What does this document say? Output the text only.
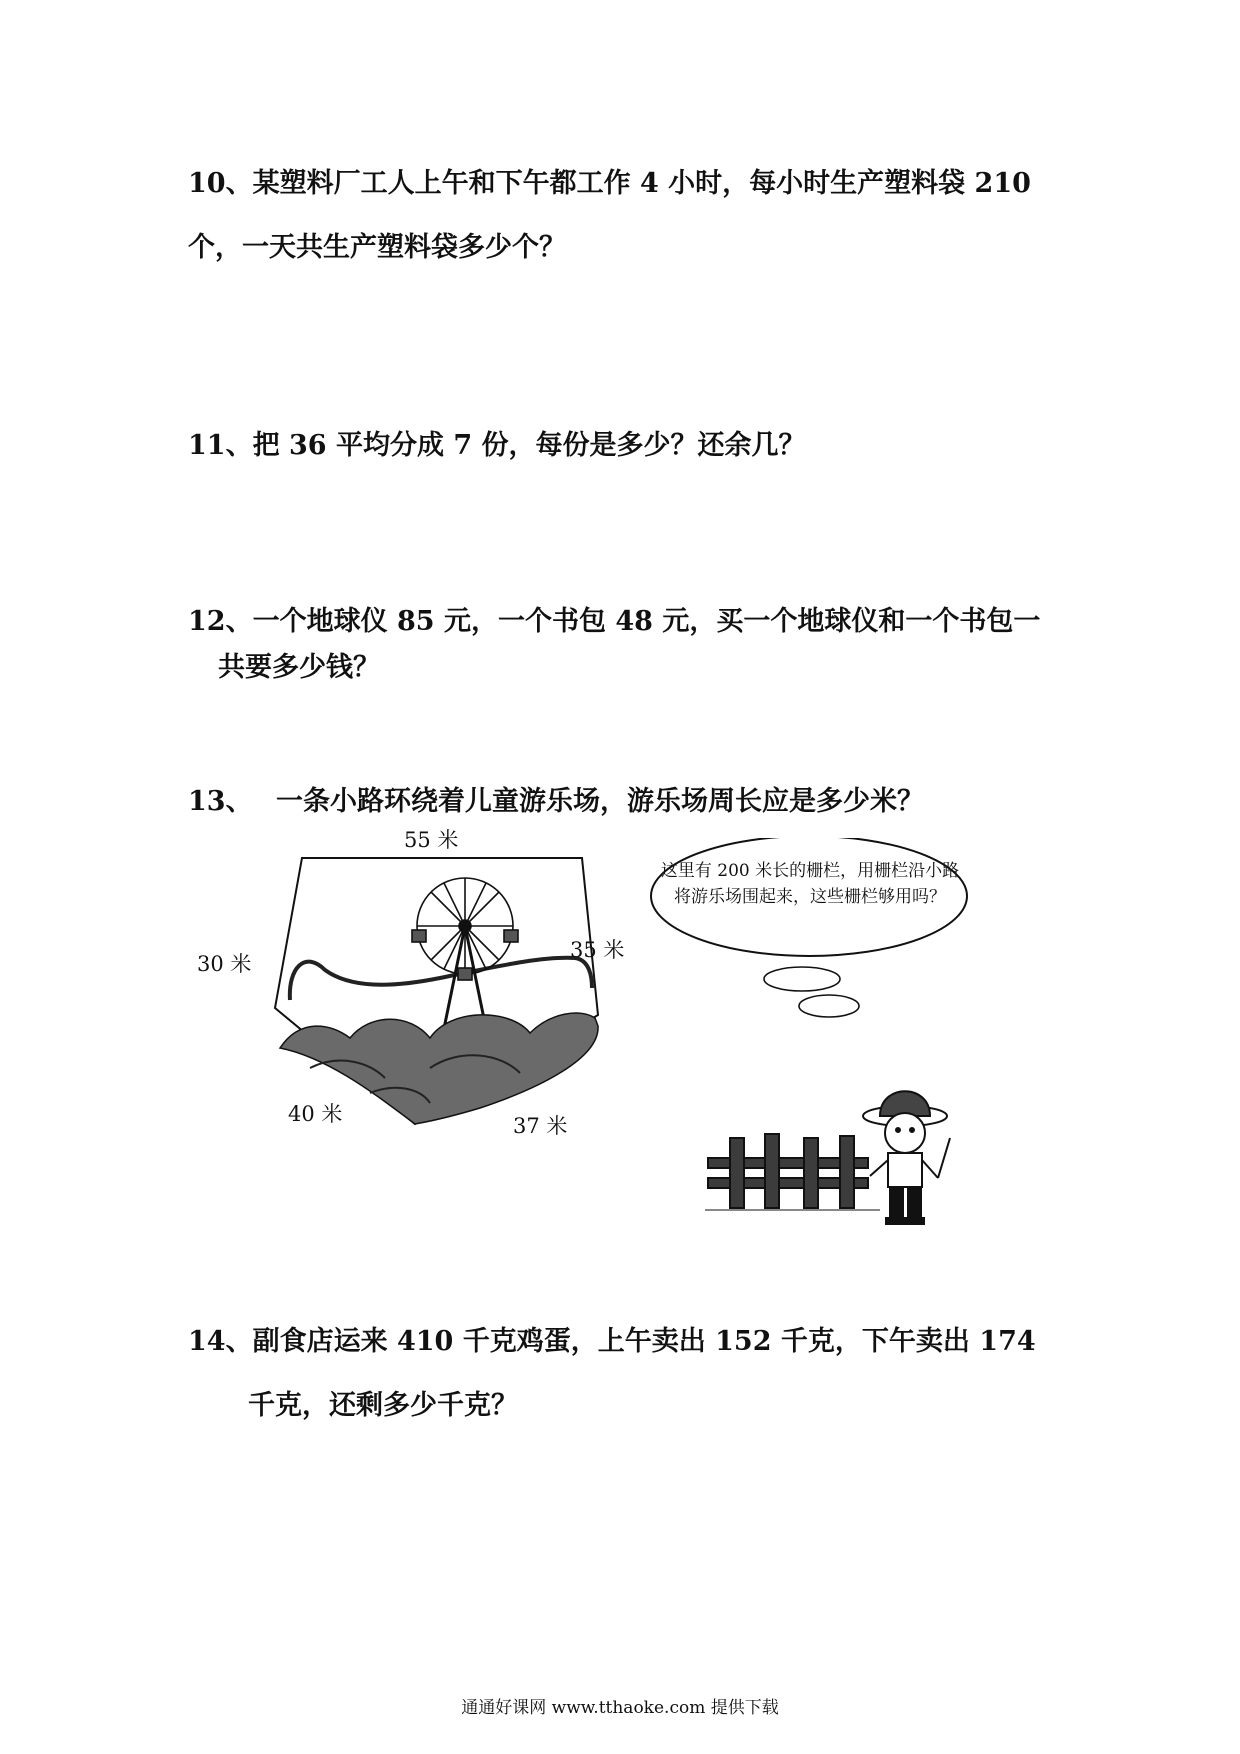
10、某塑料厂工人上午和下午都工作 4 小时，每小时生产塑料袋 210
个，一天共生产塑料袋多少个？
11、把 36 平均分成 7 份，每份是多少？还余几？
12、一个地球仪 85 元，一个书包 48 元，买一个地球仪和一个书包一
共要多少钱？
13、 一条小路环绕着儿童游乐场，游乐场周长应是多少米？
55 米
30 米
35 米
40 米	37 米
这里有 200 米长的栅栏，用栅栏沿小路将游乐场围起来，这些栅栏够用吗？
14、副食店运来 410 千克鸡蛋，上午卖出 152 千克，下午卖出 174
千克，还剩多少千克？
通通好课网 www.tthaoke.com 提供下载
